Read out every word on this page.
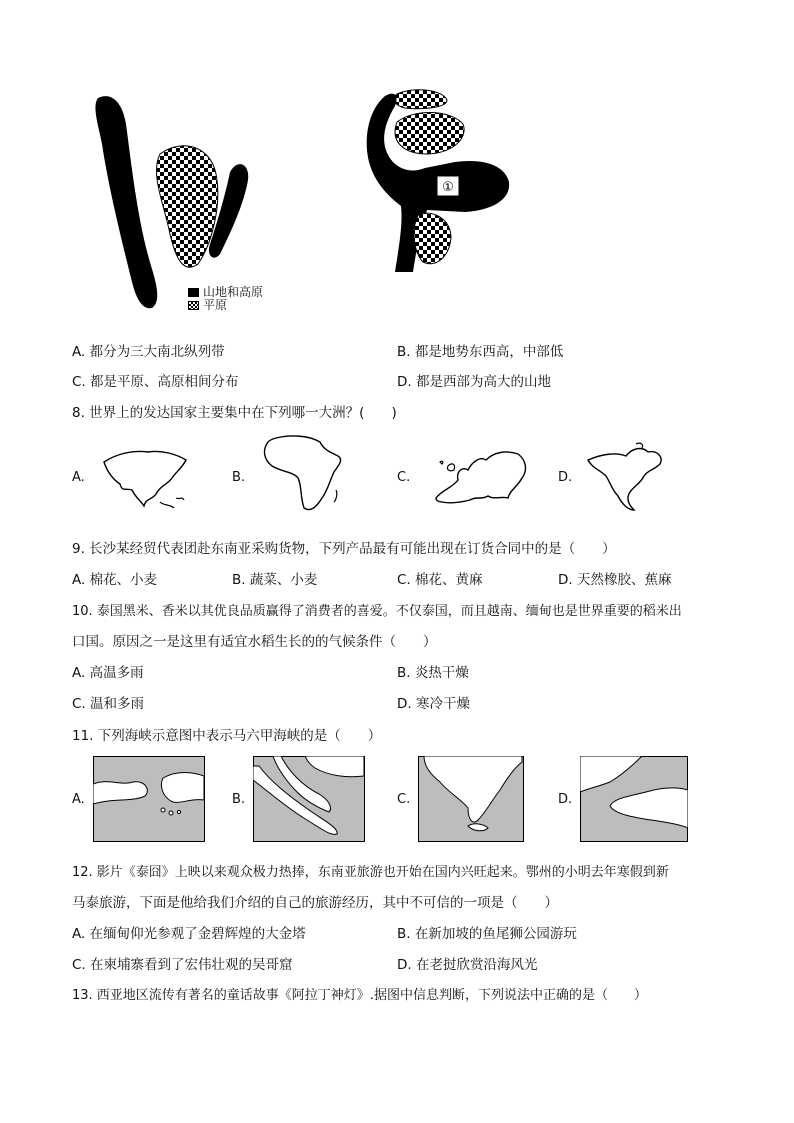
山地和高原
平原
①
A. 都分为三大南北纵列带	B. 都是地势东西高，中部低
C. 都是平原、高原相间分布	D. 都是西部为高大的山地
8. 世界上的发达国家主要集中在下列哪一大洲？(　　)
A.	B.	C.	D.
9. 长沙某经贸代表团赴东南亚采购货物，下列产品最有可能出现在订货合同中的是（　　）
A. 棉花、小麦	B. 蔬菜、小麦	C. 棉花、黄麻	D. 天然橡胶、蕉麻
10. 泰国黑米、香米以其优良品质赢得了消费者的喜爱。不仅泰国，而且越南、缅甸也是世界重要的稻米出
口国。原因之一是这里有适宜水稻生长的的气候条件（　　）
A. 高温多雨	B. 炎热干燥
C. 温和多雨	D. 寒冷干燥
11. 下列海峡示意图中表示马六甲海峡的是（　　）
A.	B.	C.	D.
12. 影片《泰囧》上映以来观众极力热捧，东南亚旅游也开始在国内兴旺起来。鄂州的小明去年寒假到新
马泰旅游，下面是他给我们介绍的自己的旅游经历，其中不可信的一项是（　　）
A. 在缅甸仰光参观了金碧辉煌的大金塔	B. 在新加坡的鱼尾狮公园游玩
C. 在柬埔寨看到了宏伟壮观的吴哥窟	D. 在老挝欣赏沿海风光
13. 西亚地区流传有著名的童话故事《阿拉丁神灯》.据图中信息判断，下列说法中正确的是（　　）
